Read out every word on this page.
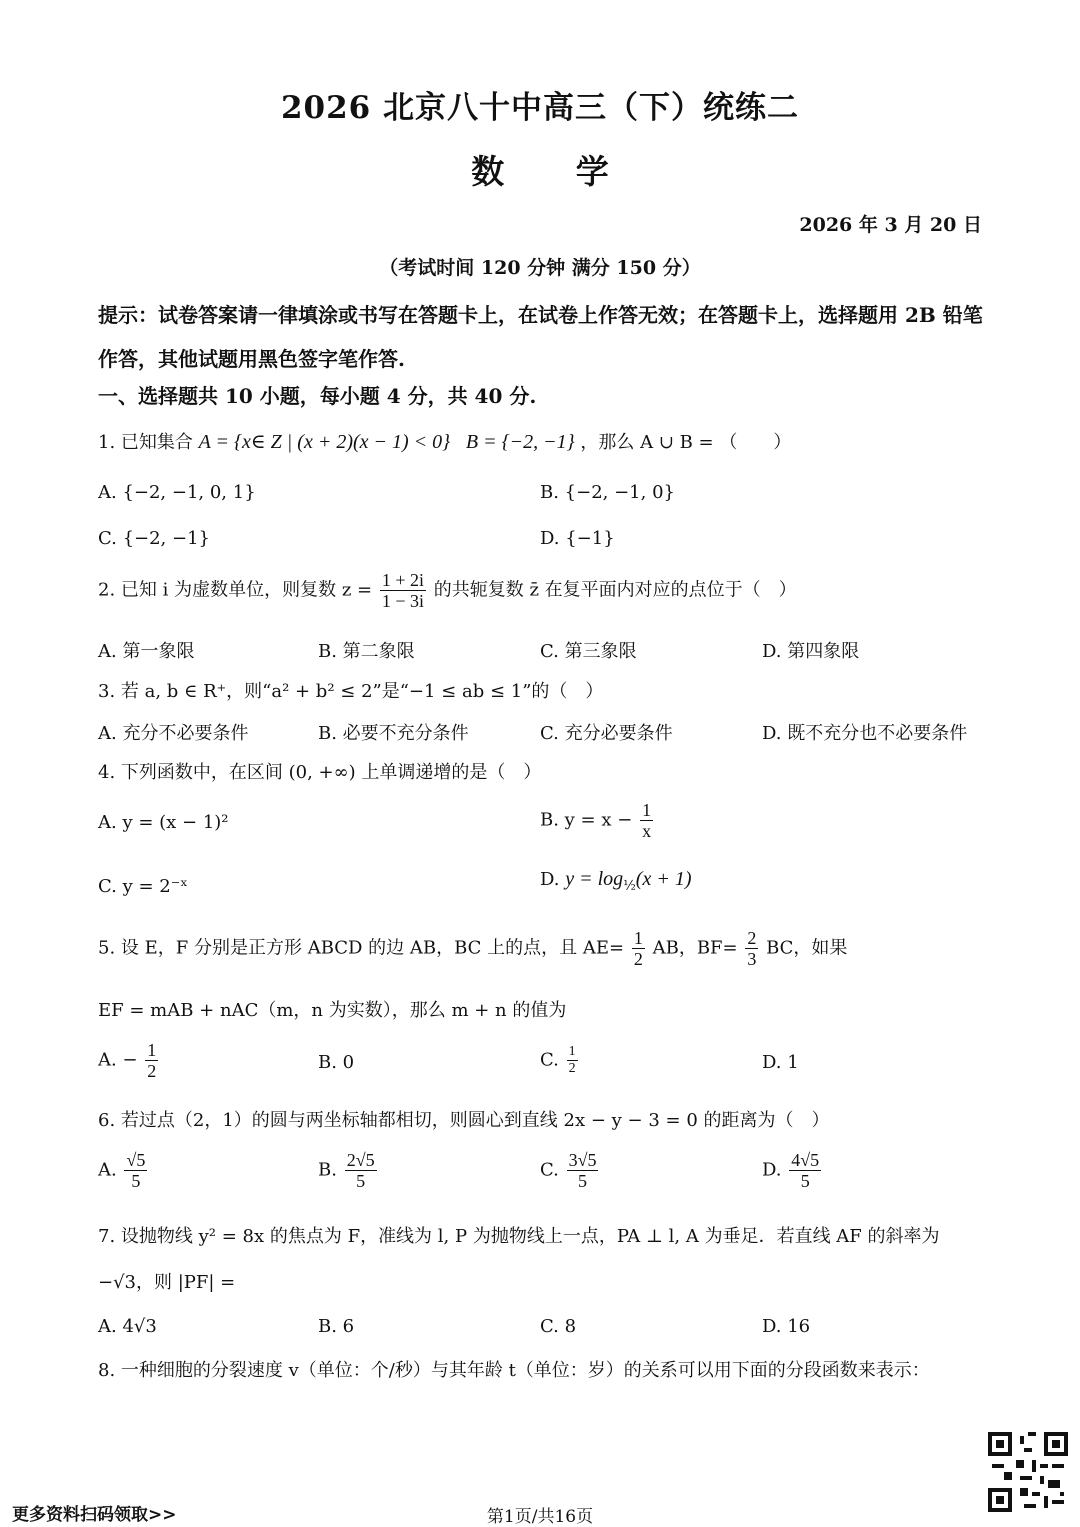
2026 北京八十中高三（下）统练二
数 学
2026 年 3 月 20 日
（考试时间 120 分钟 满分 150 分）
提示：试卷答案请一律填涂或书写在答题卡上，在试卷上作答无效；在答题卡上，选择题用 2B 铅笔作答，其他试题用黑色签字笔作答.
一、选择题共 10 小题，每小题 4 分，共 40 分.
1. 已知集合 A = {x∈ Z | (x + 2)(x − 1) < 0} B = {−2, −1} ，那么 A ∪ B = （　　）
A. {−2, −1, 0, 1}	B. {−2, −1, 0}
C. {−2, −1}	D. {−1}
2. 已知 i 为虚数单位，则复数 $z = \frac{1 + 2i}{1 - 3i}$ 的共轭复数 z̄ 在复平面内对应的点位于（　）
A. 第一象限	B. 第二象限	C. 第三象限	D. 第四象限
3. 若 a, b ∈ R⁺，则“a² + b² ≤ 2”是“−1 ≤ ab ≤ 1”的（　）
A. 充分不必要条件	B. 必要不充分条件	C. 充分必要条件	D. 既不充分也不必要条件
4. 下列函数中，在区间 (0, +∞) 上单调递增的是（　）
A. y = (x − 1)²	B. $y = x - \frac{1}{x}$
C. y = 2⁻ˣ	D. $y = \log_{\frac{1}{2}}(x + 1)$
5. 设 E，F 分别是正方形 ABCD 的边 AB，BC 上的点，且 $AE= \frac{1}{2}$ AB，$BF= \frac{2}{3}$ BC，如果
EF = mAB + nAC（m，n 为实数），那么 m + n 的值为
A. − $\frac{1}{2}$	B. 0	C. $\frac{1}{2}$	D. 1
6. 若过点（2，1）的圆与两坐标轴都相切，则圆心到直线 2x − y − 3 = 0 的距离为（　）
A. $\frac{√5}{5}$	B. $\frac{2√5}{5}$	C. $\frac{3√5}{5}$	D. $\frac{4√5}{5}$
7. 设抛物线 y² = 8x 的焦点为 F，准线为 l, P 为抛物线上一点，PA ⊥ l, A 为垂足．若直线 AF 的斜率为
−√3，则 |PF| =
A. 4√3	B. 6	C. 8	D. 16
8. 一种细胞的分裂速度 v（单位：个/秒）与其年龄 t（单位：岁）的关系可以用下面的分段函数来表示：
更多资料扫码领取>>	第1页/共16页
